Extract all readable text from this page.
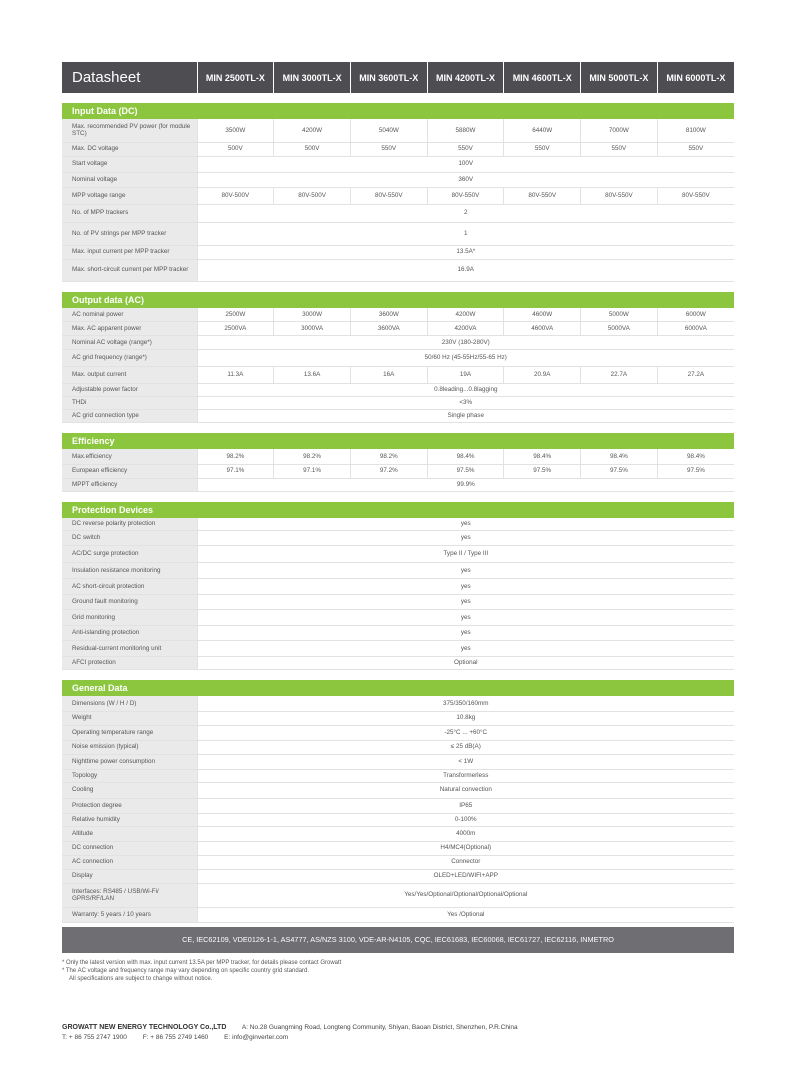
Datasheet	MIN 2500TL-X	MIN 3000TL-X	MIN 3600TL-X	MIN 4200TL-X	MIN 4600TL-X	MIN 5000TL-X	MIN 6000TL-X

Input Data (DC)							
Max. recommended PV power (for module STC)	3500W	4200W	5040W	5880W	6440W	7000W	8100W
Max. DC voltage	500V	500V	550V	550V	550V	550V	550V
Start voltage	100V						
Nominal voltage	360V						
MPP voltage range	80V-500V	80V-500V	80V-550V	80V-550V	80V-550V	80V-550V	80V-550V
No. of MPP trackers	2						
No. of PV strings per MPP tracker	1						
Max. input current per MPP tracker	13.5A*						
Max. short-circuit current per MPP tracker	16.9A						

Output data (AC)							
AC nominal power	2500W	3000W	3600W	4200W	4600W	5000W	6000W
Max. AC apparent power	2500VA	3000VA	3600VA	4200VA	4600VA	5000VA	6000VA
Nominal AC voltage (range*)	230V (180-280V)						
AC grid frequency (range*)	50/60 Hz (45-55Hz/55-65 Hz)						
Max. output current	11.3A	13.6A	16A	19A	20.9A	22.7A	27.2A
Adjustable power factor	0.8leading...0.8lagging						
THDi	<3%						
AC grid connection type	Single phase						

Efficiency							
Max.efficiency	98.2%	98.2%	98.2%	98.4%	98.4%	98.4%	98.4%
European efficiency	97.1%	97.1%	97.2%	97.5%	97.5%	97.5%	97.5%
MPPT efficiency	99.9%						

Protection Devices							
DC reverse polarity protection	yes						
DC switch	yes						
AC/DC surge protection	Type II / Type III						
Insulation resistance monitoring	yes						
AC short-circuit protection	yes						
Ground fault monitoring	yes						
Grid monitoring	yes						
Anti-islanding protection	yes						
Residual-current monitoring unit	yes						
AFCI protection	Optional						

General Data							
Dimensions (W / H / D)	375/350/160mm						
Weight	10.8kg						
Operating temperature range	-25°C ... +60°C						
Noise emission (typical)	≤ 25 dB(A)						
Nighttime power consumption	< 1W						
Topology	Transformerless						
Cooling	Natural convection						
Protection degree	IP65						
Relative humidity	0-100%						
Altitude	4000m						
DC connection	H4/MC4(Optional)						
AC connection	Connector						
Display	OLED+LED/WIFI+APP						
Interfaces: RS485 / USB/Wi-Fi/ GPRS/RF/LAN	Yes/Yes/Optional/Optional/Optional/Optional						
Warranty: 5 years / 10 years	Yes /Optional						
CE, IEC62109, VDE0126-1-1, AS4777, AS/NZS 3100, VDE-AR-N4105, CQC, IEC61683, IEC60068, IEC61727, IEC62116, INMETRO
* Only the latest version with max. input current 13.5A per MPP tracker, for details please contact Growatt
* The AC voltage and frequency range may vary depending on specific country grid standard.
All specifications are subject to change without notice.
GROWATT NEW ENERGY TECHNOLOGY Co.,LTD A: No.28 Guangming Road, Longteng Community, Shiyan, Baoan District, Shenzhen, P.R.China
T: + 86 755 2747 1900 F: + 86 755 2749 1460 E: info@ginverter.com
